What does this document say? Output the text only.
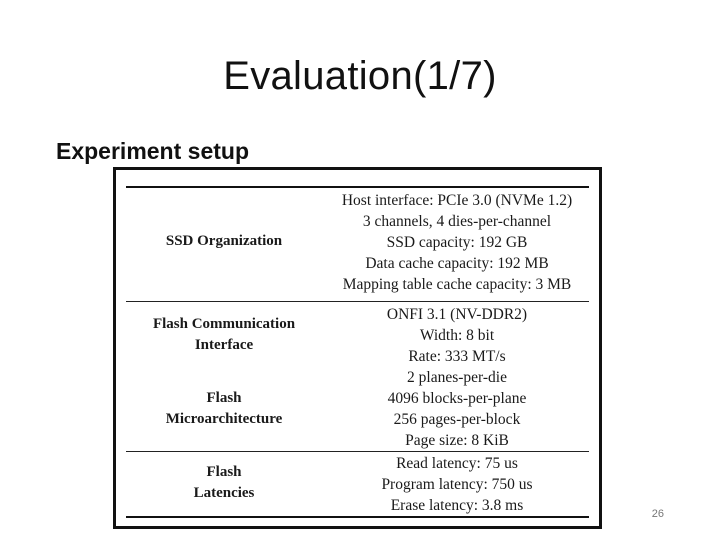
Evaluation(1/7)
Experiment setup
SSD Organization
Host interface: PCIe 3.0 (NVMe 1.2)
3 channels, 4 dies-per-channel
SSD capacity: 192 GB
Data cache capacity: 192 MB
Mapping table cache capacity: 3 MB
Flash Communication
Interface
ONFI 3.1 (NV-DDR2)
Width: 8 bit
Rate: 333 MT/s
Flash
Microarchitecture
2 planes-per-die
4096 blocks-per-plane
256 pages-per-block
Page size: 8 KiB
Flash
Latencies
Read latency: 75 us
Program latency: 750 us
Erase latency: 3.8 ms	26
